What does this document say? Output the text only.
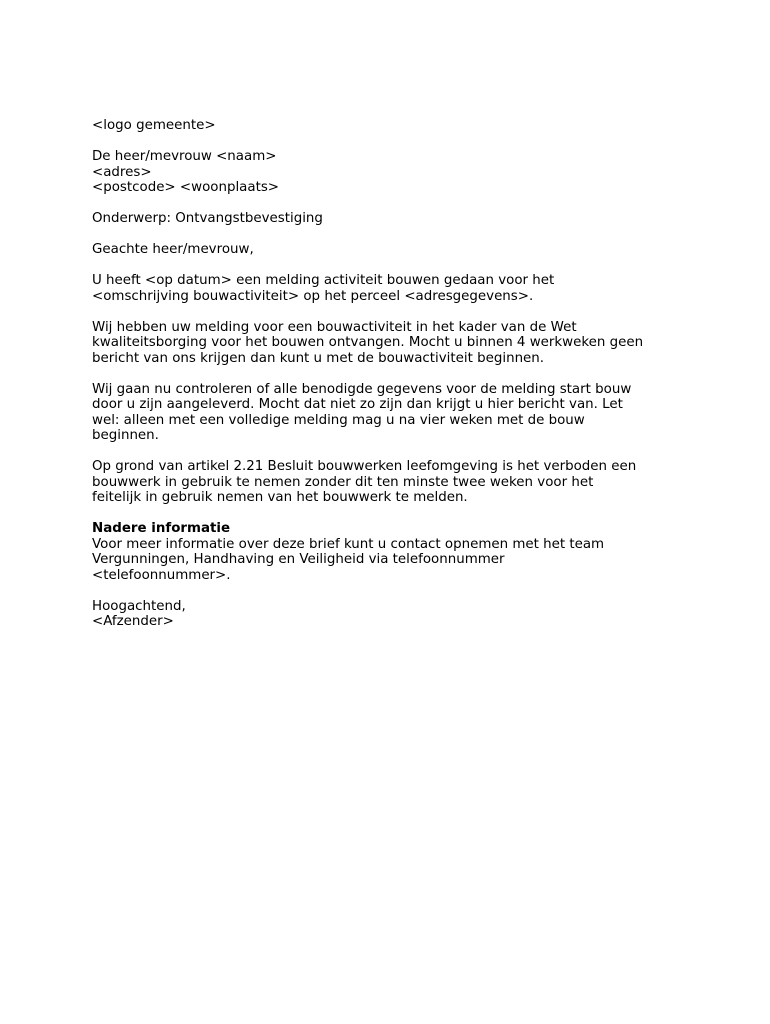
<logo gemeente>
De heer/mevrouw <naam>
<adres>
<postcode> <woonplaats>
Onderwerp: Ontvangstbevestiging
Geachte heer/mevrouw,
U heeft <op datum> een melding activiteit bouwen gedaan voor het
<omschrijving bouwactiviteit> op het perceel <adresgegevens>.
Wij hebben uw melding voor een bouwactiviteit in het kader van de Wet
kwaliteitsborging voor het bouwen ontvangen. Mocht u binnen 4 werkweken geen
bericht van ons krijgen dan kunt u met de bouwactiviteit beginnen.
Wij gaan nu controleren of alle benodigde gegevens voor de melding start bouw
door u zijn aangeleverd. Mocht dat niet zo zijn dan krijgt u hier bericht van. Let
wel: alleen met een volledige melding mag u na vier weken met de bouw
beginnen.
Op grond van artikel 2.21 Besluit bouwwerken leefomgeving is het verboden een
bouwwerk in gebruik te nemen zonder dit ten minste twee weken voor het
feitelijk in gebruik nemen van het bouwwerk te melden.
Nadere informatie
Voor meer informatie over deze brief kunt u contact opnemen met het team
Vergunningen, Handhaving en Veiligheid via telefoonnummer
<telefoonnummer>.
Hoogachtend,
<Afzender>
